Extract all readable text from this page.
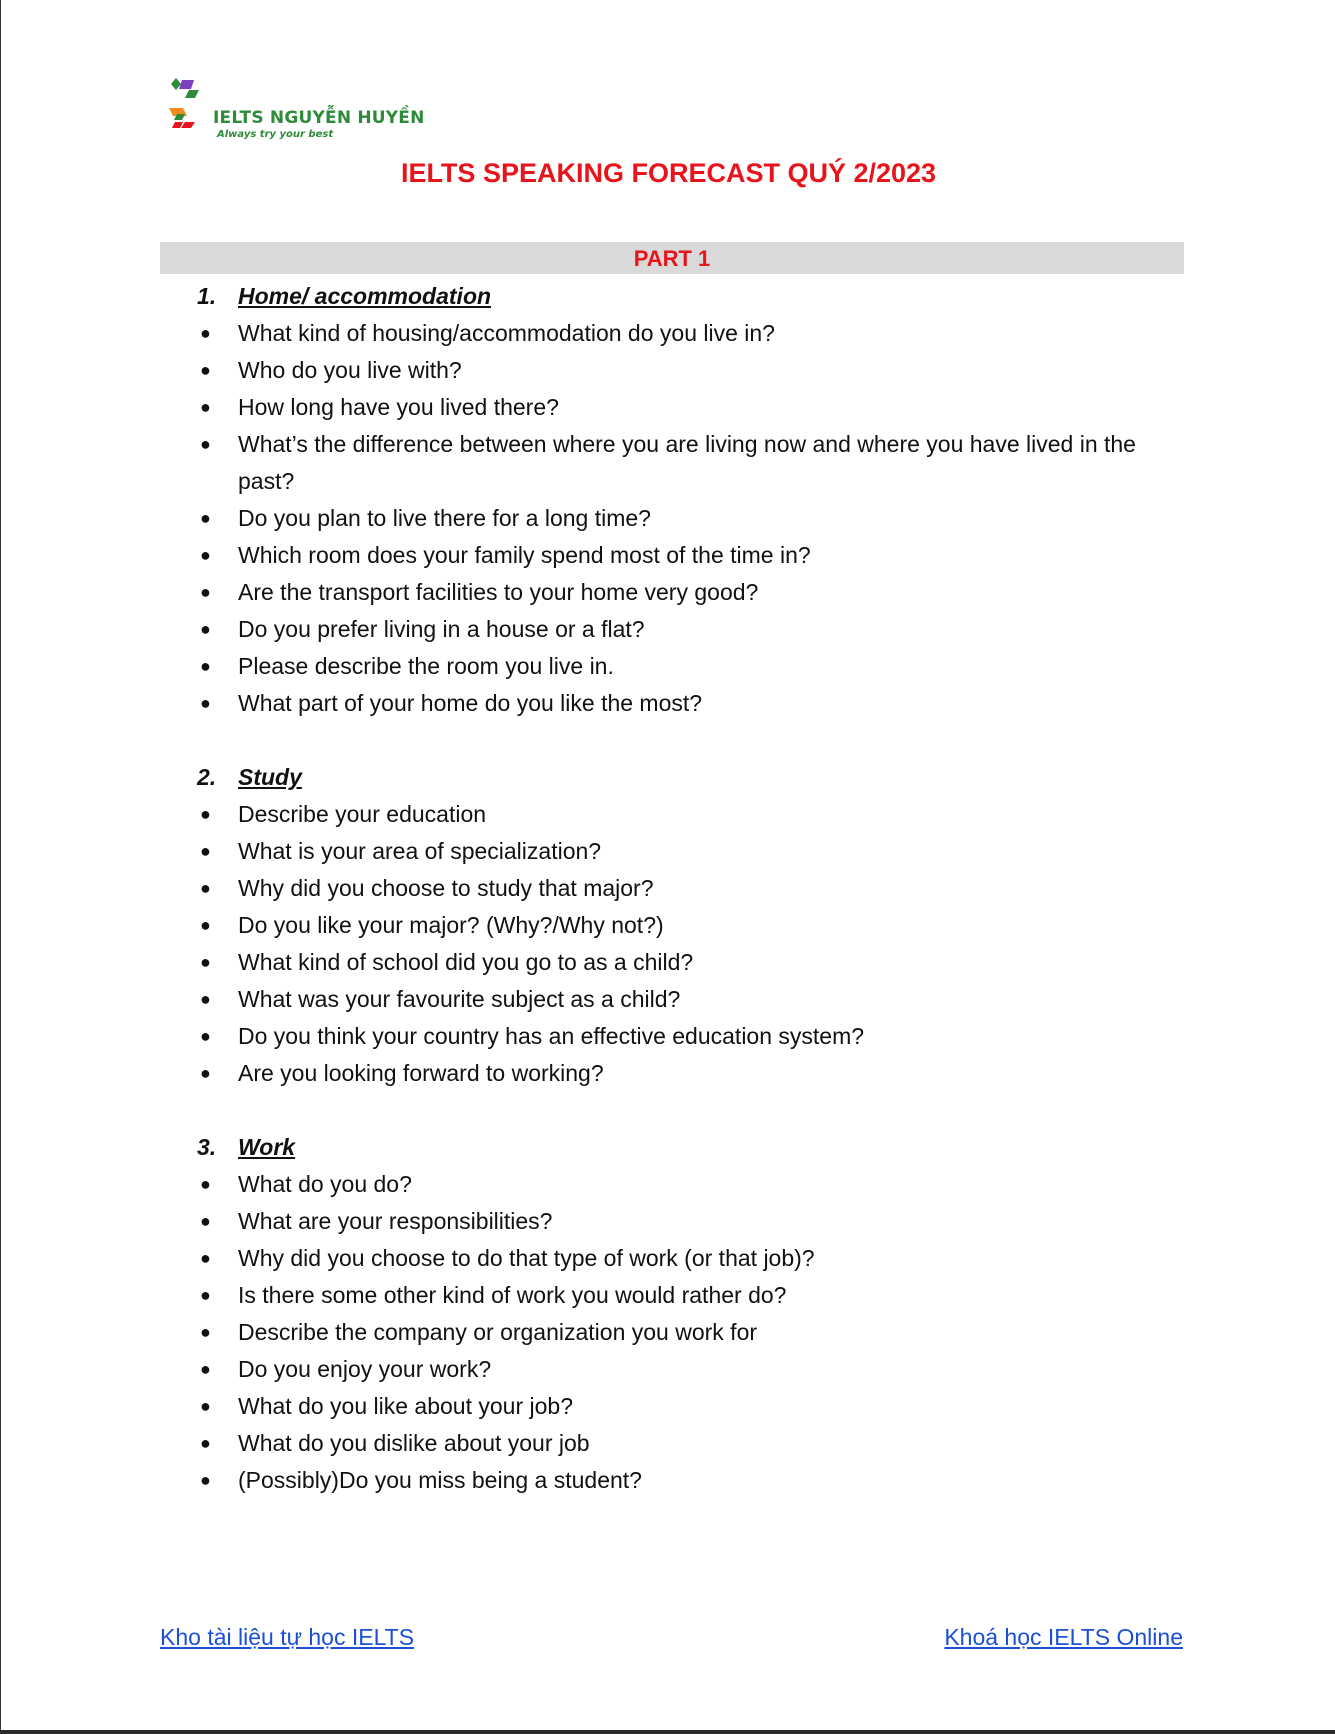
IELTS NGUYỄN HUYỀN
Always try your best
IELTS SPEAKING FORECAST QUÝ 2/2023
PART 1
1. Home/ accommodation
● What kind of housing/accommodation do you live in?
● Who do you live with?
● How long have you lived there?
● What’s the difference between where you are living now and where you have lived in the past?
● Do you plan to live there for a long time?
● Which room does your family spend most of the time in?
● Are the transport facilities to your home very good?
● Do you prefer living in a house or a flat?
● Please describe the room you live in.
● What part of your home do you like the most?
2. Study
● Describe your education
● What is your area of specialization?
● Why did you choose to study that major?
● Do you like your major? (Why?/Why not?)
● What kind of school did you go to as a child?
● What was your favourite subject as a child?
● Do you think your country has an effective education system?
● Are you looking forward to working?
3. Work
● What do you do?
● What are your responsibilities?
● Why did you choose to do that type of work (or that job)?
● Is there some other kind of work you would rather do?
● Describe the company or organization you work for
● Do you enjoy your work?
● What do you like about your job?
● What do you dislike about your job
● (Possibly)Do you miss being a student?
Kho tài liệu tự học IELTS	Khoá học IELTS Online
